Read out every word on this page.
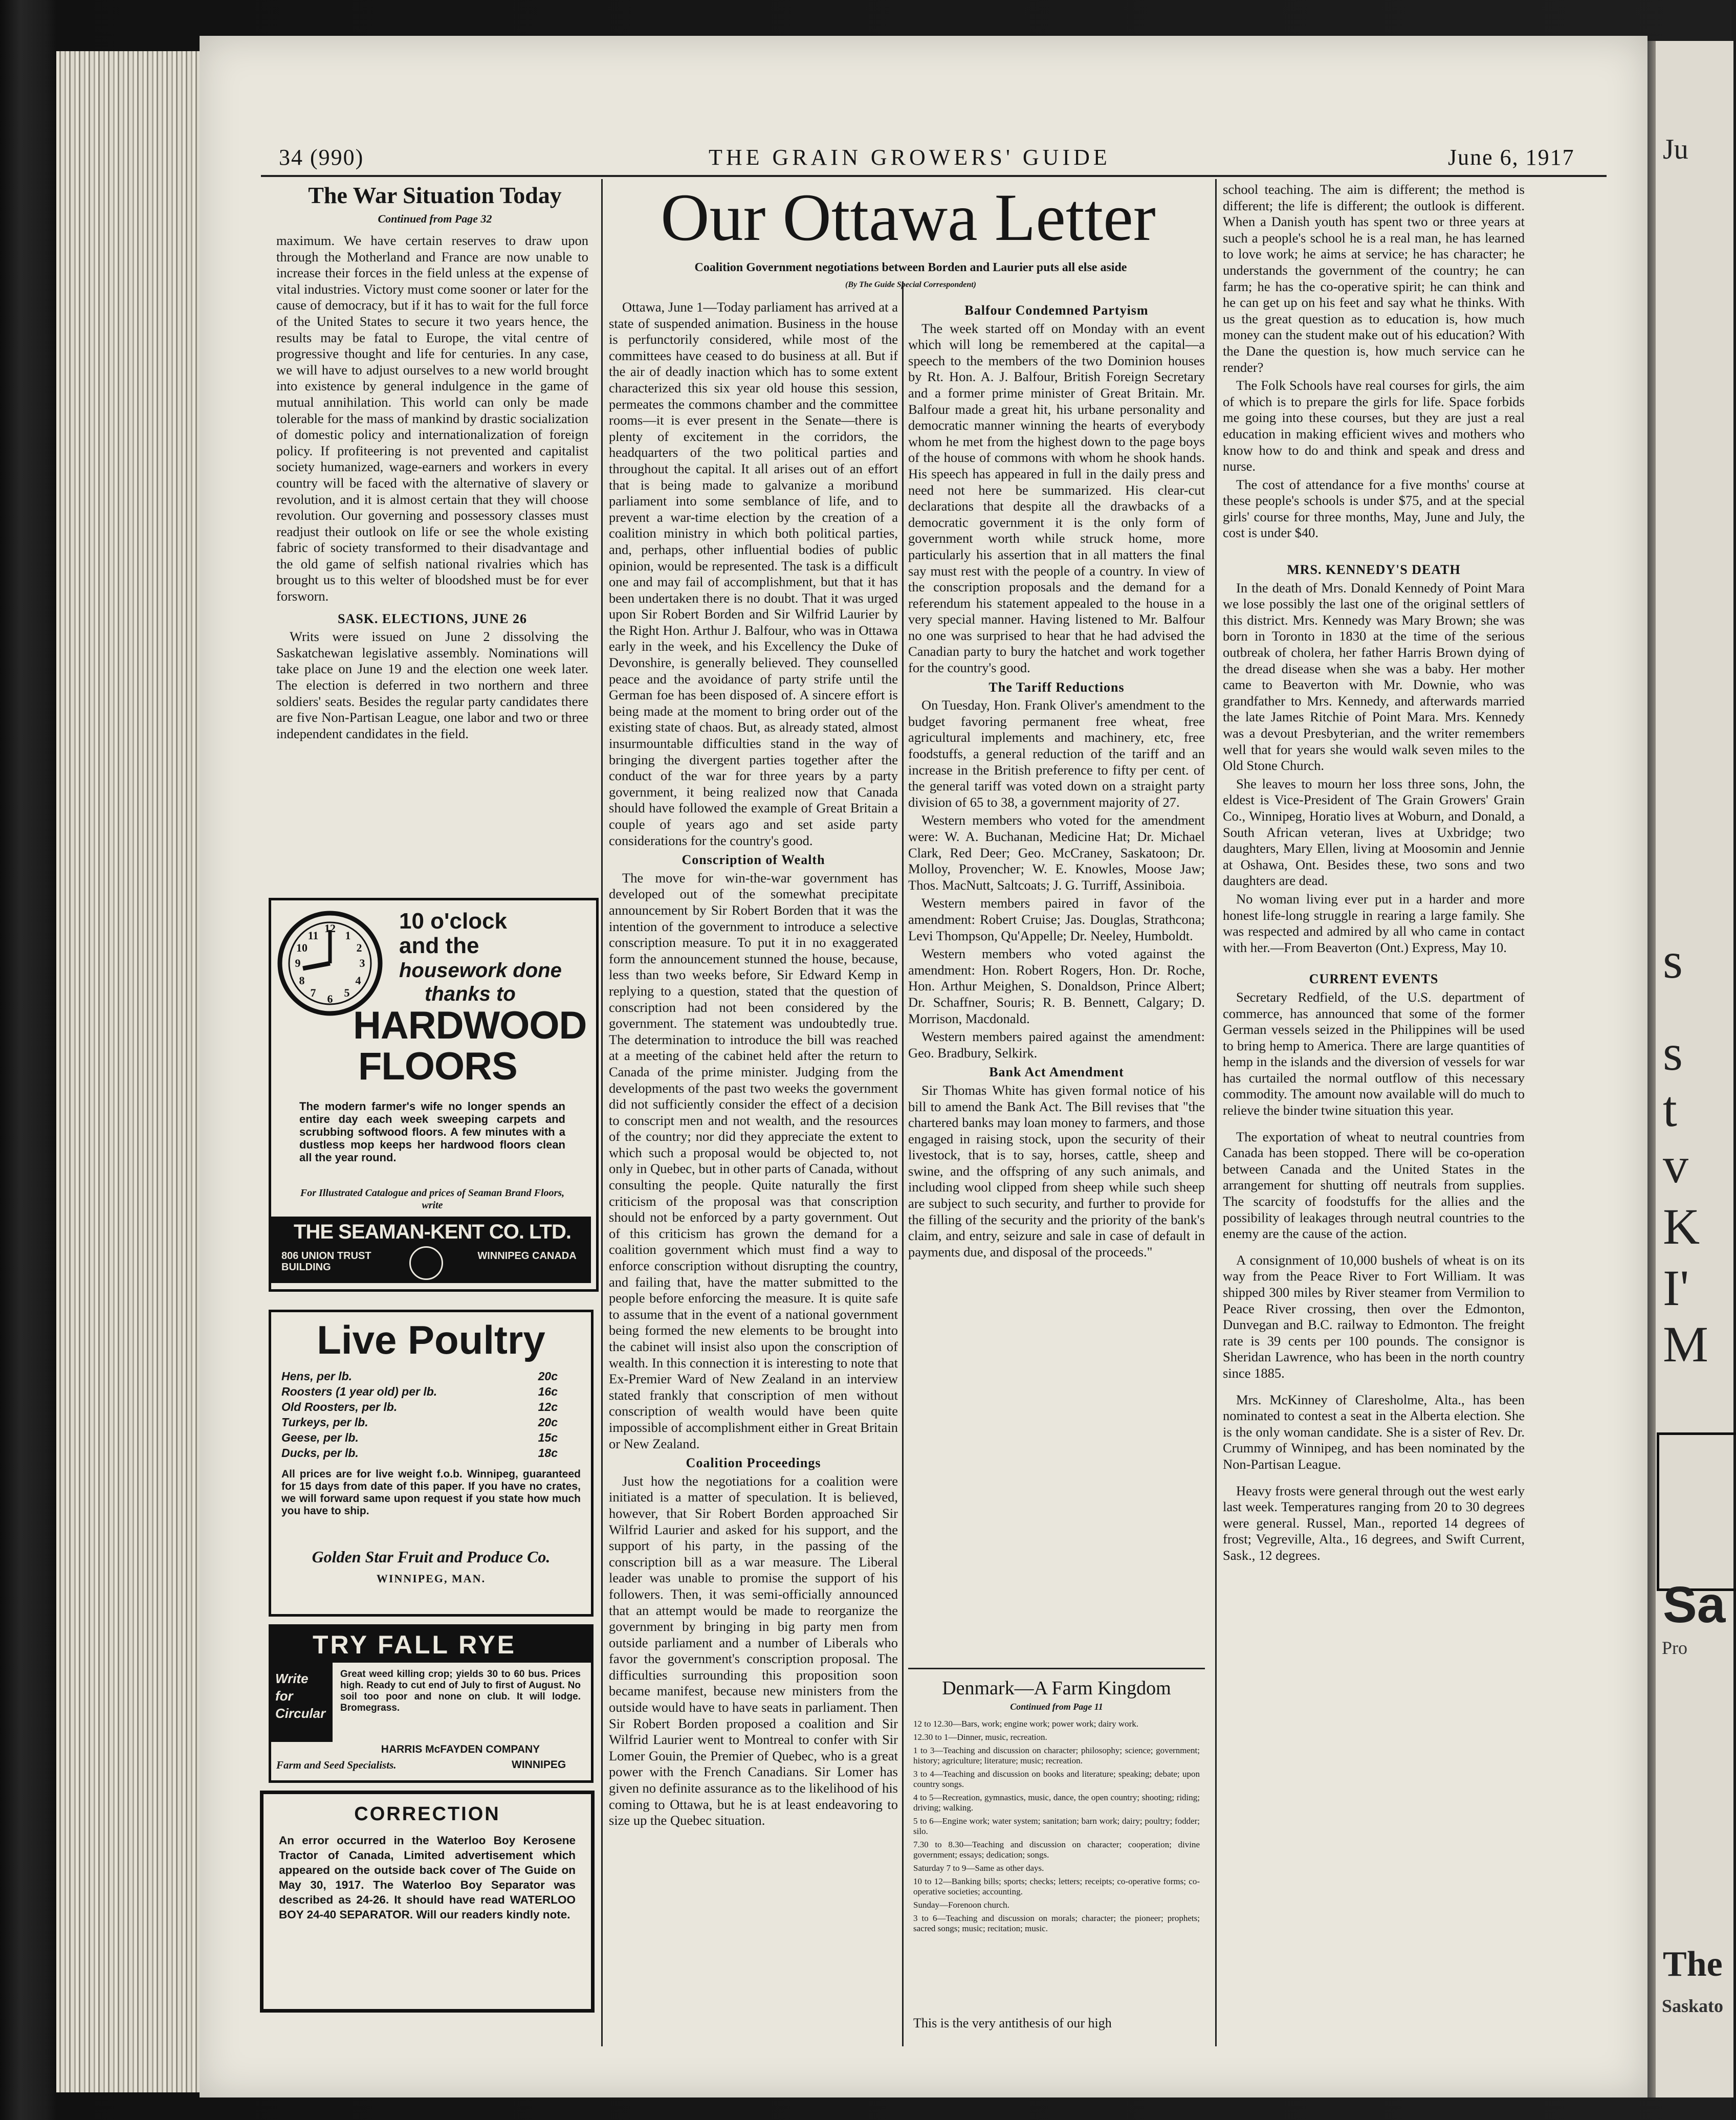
Ju
s
s
t
v
K
I'
M
Sa
Pro
The
Saskato
34 (990)	THE GRAIN GROWERS' GUIDE	June 6, 1917
The War Situation Today
Continued from Page 32

maximum. We have certain reserves to draw upon through the Motherland and France are now unable to increase their forces in the field unless at the expense of vital industries. Victory must come sooner or later for the cause of democracy, but if it has to wait for the full force of the United States to secure it two years hence, the results may be fatal to Europe, the vital centre of progressive thought and life for centuries. In any case, we will have to adjust ourselves to a new world brought into existence by general indulgence in the game of mutual annihilation. This world can only be made tolerable for the mass of mankind by drastic socialization of domestic policy and internationalization of foreign policy. If profiteering is not prevented and capitalist society humanized, wage-earners and workers in every country will be faced with the alternative of slavery or revolution, and it is almost certain that they will choose revolution. Our governing and possessory classes must readjust their outlook on life or see the whole existing fabric of society transformed to their disadvantage and the old game of selfish national rivalries which has brought us to this welter of bloodshed must be for ever forsworn.

SASK. ELECTIONS, JUNE 26

Writs were issued on June 2 dissolving the Saskatchewan legislative assembly. Nominations will take place on June 19 and the election one week later. The election is deferred in two northern and three soldiers' seats. Besides the regular party candidates there are five Non-Partisan League, one labor and two or three independent candidates in the field.

12
3
6
9
1
2
4
5
7
8
10
11
10 o'clock
and the
housework done
thanks to
HARDWOOD
FLOORS
The modern farmer's wife no longer spends an entire day each week sweeping carpets and scrubbing softwood floors. A few minutes with a dustless mop keeps her hardwood floors clean all the year round.
For Illustrated Catalogue and prices of Seaman Brand Floors, write
THE SEAMAN-KENT CO. LTD.
806 UNION TRUST BUILDING
WINNIPEG CANADA
Live Poultry
Hens, per lb.	20c
Roosters (1 year old) per lb.	16c
Old Roosters, per lb.	12c
Turkeys, per lb.	20c
Geese, per lb.	15c
Ducks, per lb.	18c
All prices are for live weight f.o.b. Winnipeg, guaranteed for 15 days from date of this paper. If you have no crates, we will forward same upon request if you state how much you have to ship.
Golden Star Fruit and Produce Co.
WINNIPEG, MAN.
TRY FALL RYE
Write for Circular
Great weed killing crop; yields 30 to 60 bus. Prices high. Ready to cut end of July to first of August. No soil too poor and none on club. It will lodge. Bromegrass.
HARRIS McFAYDEN COMPANY
Farm and Seed Specialists.	WINNIPEG
CORRECTION
An error occurred in the Waterloo Boy Kerosene Tractor of Canada, Limited advertisement which appeared on the outside back cover of The Guide on May 30, 1917. The Waterloo Boy Separator was described as 24-26. It should have read WATERLOO BOY 24-40 SEPARATOR. Will our readers kindly note.
Our Ottawa Letter
Coalition Government negotiations between Borden and Laurier puts all else aside
(By The Guide Special Correspondent)

Ottawa, June 1—Today parliament has arrived at a state of suspended animation. Business in the house is perfunctorily considered, while most of the committees have ceased to do business at all. But if the air of deadly inaction which has to some extent characterized this six year old house this session, permeates the commons chamber and the committee rooms—it is ever present in the Senate—there is plenty of excitement in the corridors, the headquarters of the two political parties and throughout the capital. It all arises out of an effort that is being made to galvanize a moribund parliament into some semblance of life, and to prevent a war-time election by the creation of a coalition ministry in which both political parties, and, perhaps, other influential bodies of public opinion, would be represented. The task is a difficult one and may fail of accomplishment, but that it has been undertaken there is no doubt. That it was urged upon Sir Robert Borden and Sir Wilfrid Laurier by the Right Hon. Arthur J. Balfour, who was in Ottawa early in the week, and his Excellency the Duke of Devonshire, is generally believed. They counselled peace and the avoidance of party strife until the German foe has been disposed of. A sincere effort is being made at the moment to bring order out of the existing state of chaos. But, as already stated, almost insurmountable difficulties stand in the way of bringing the divergent parties together after the conduct of the war for three years by a party government, it being realized now that Canada should have followed the example of Great Britain a couple of years ago and set aside party considerations for the country's good.

Conscription of Wealth

The move for win-the-war government has developed out of the somewhat precipitate announcement by Sir Robert Borden that it was the intention of the government to introduce a selective conscription measure. To put it in no exaggerated form the announcement stunned the house, because, less than two weeks before, Sir Edward Kemp in replying to a question, stated that the question of conscription had not been considered by the government. The statement was undoubtedly true. The determination to introduce the bill was reached at a meeting of the cabinet held after the return to Canada of the prime minister. Judging from the developments of the past two weeks the government did not sufficiently consider the effect of a decision to conscript men and not wealth, and the resources of the country; nor did they appreciate the extent to which such a proposal would be objected to, not only in Quebec, but in other parts of Canada, without consulting the people. Quite naturally the first criticism of the proposal was that conscription should not be enforced by a party government. Out of this criticism has grown the demand for a coalition government which must find a way to enforce conscription without disrupting the country, and failing that, have the matter submitted to the people before enforcing the measure. It is quite safe to assume that in the event of a national government being formed the new elements to be brought into the cabinet will insist also upon the conscription of wealth. In this connection it is interesting to note that Ex-Premier Ward of New Zealand in an interview stated frankly that conscription of men without conscription of wealth would have been quite impossible of accomplishment either in Great Britain or New Zealand.

Coalition Proceedings

Just how the negotiations for a coalition were initiated is a matter of speculation. It is believed, however, that Sir Robert Borden approached Sir Wilfrid Laurier and asked for his support, and the support of his party, in the passing of the conscription bill as a war measure. The Liberal leader was unable to promise the support of his followers. Then, it was semi-officially announced that an attempt would be made to reorganize the government by bringing in big party men from outside parliament and a number of Liberals who favor the government's conscription proposal. The difficulties surrounding this proposition soon became manifest, because new ministers from the outside would have to have seats in parliament. Then Sir Robert Borden proposed a coalition and Sir Wilfrid Laurier went to Montreal to confer with Sir Lomer Gouin, the Premier of Quebec, who is a great power with the French Canadians. Sir Lomer has given no definite assurance as to the likelihood of his coming to Ottawa, but he is at least endeavoring to size up the Quebec situation.

Balfour Condemned Partyism

The week started off on Monday with an event which will long be remembered at the capital—a speech to the members of the two Dominion houses by Rt. Hon. A. J. Balfour, British Foreign Secretary and a former prime minister of Great Britain. Mr. Balfour made a great hit, his urbane personality and democratic manner winning the hearts of everybody whom he met from the highest down to the page boys of the house of commons with whom he shook hands. His speech has appeared in full in the daily press and need not here be summarized. His clear-cut declarations that despite all the drawbacks of a democratic government it is the only form of government worth while struck home, more particularly his assertion that in all matters the final say must rest with the people of a country. In view of the conscription proposals and the demand for a referendum his statement appealed to the house in a very special manner. Having listened to Mr. Balfour no one was surprised to hear that he had advised the Canadian party to bury the hatchet and work together for the country's good.

The Tariff Reductions

On Tuesday, Hon. Frank Oliver's amendment to the budget favoring permanent free wheat, free agricultural implements and machinery, etc, free foodstuffs, a general reduction of the tariff and an increase in the British preference to fifty per cent. of the general tariff was voted down on a straight party division of 65 to 38, a government majority of 27.

Western members who voted for the amendment were: W. A. Buchanan, Medicine Hat; Dr. Michael Clark, Red Deer; Geo. McCraney, Saskatoon; Dr. Molloy, Provencher; W. E. Knowles, Moose Jaw; Thos. MacNutt, Saltcoats; J. G. Turriff, Assiniboia.

Western members paired in favor of the amendment: Robert Cruise; Jas. Douglas, Strathcona; Levi Thompson, Qu'Appelle; Dr. Neeley, Humboldt.

Western members who voted against the amendment: Hon. Robert Rogers, Hon. Dr. Roche, Hon. Arthur Meighen, S. Donaldson, Prince Albert; Dr. Schaffner, Souris; R. B. Bennett, Calgary; D. Morrison, Macdonald.

Western members paired against the amendment: Geo. Bradbury, Selkirk.

Bank Act Amendment

Sir Thomas White has given formal notice of his bill to amend the Bank Act. The Bill revises that "the chartered banks may loan money to farmers, and those engaged in raising stock, upon the security of their livestock, that is to say, horses, cattle, sheep and swine, and the offspring of any such animals, and including wool clipped from sheep while such sheep are subject to such security, and further to provide for the filling of the security and the priority of the bank's claim, and entry, seizure and sale in case of default in payments due, and disposal of the proceeds."

Denmark—A Farm Kingdom
Continued from Page 11
12 to 12.30—Bars, work; engine work; power work; dairy work.
12.30 to 1—Dinner, music, recreation.
1 to 3—Teaching and discussion on character; philosophy; science; government; history; agriculture; literature; music; recreation.
3 to 4—Teaching and discussion on books and literature; speaking; debate; upon country songs.
4 to 5—Recreation, gymnastics, music, dance, the open country; shooting; riding; driving; walking.
5 to 6—Engine work; water system; sanitation; barn work; dairy; poultry; fodder; silo.
7.30 to 8.30—Teaching and discussion on character; cooperation; divine government; essays; dedication; songs.
Saturday 7 to 9—Same as other days.
10 to 12—Banking bills; sports; checks; letters; receipts; co-operative forms; co-operative societies; accounting.
Sunday—Forenoon church.
3 to 6—Teaching and discussion on morals; character; the pioneer; prophets; sacred songs; music; recitation; music.
This is the very antithesis of our high

school teaching. The aim is different; the method is different; the life is different; the outlook is different. When a Danish youth has spent two or three years at such a people's school he is a real man, he has learned to love work; he aims at service; he has character; he understands the government of the country; he can farm; he has the co-operative spirit; he can think and he can get up on his feet and say what he thinks. With us the great question as to education is, how much money can the student make out of his education? With the Dane the question is, how much service can he render?

The Folk Schools have real courses for girls, the aim of which is to prepare the girls for life. Space forbids me going into these courses, but they are just a real education in making efficient wives and mothers who know how to do and think and speak and dress and nurse.

The cost of attendance for a five months' course at these people's schools is under $75, and at the special girls' course for three months, May, June and July, the cost is under $40.

MRS. KENNEDY'S DEATH

In the death of Mrs. Donald Kennedy of Point Mara we lose possibly the last one of the original settlers of this district. Mrs. Kennedy was Mary Brown; she was born in Toronto in 1830 at the time of the serious outbreak of cholera, her father Harris Brown dying of the dread disease when she was a baby. Her mother came to Beaverton with Mr. Downie, who was grandfather to Mrs. Kennedy, and afterwards married the late James Ritchie of Point Mara. Mrs. Kennedy was a devout Presbyterian, and the writer remembers well that for years she would walk seven miles to the Old Stone Church.

She leaves to mourn her loss three sons, John, the eldest is Vice-President of The Grain Growers' Grain Co., Winnipeg, Horatio lives at Woburn, and Donald, a South African veteran, lives at Uxbridge; two daughters, Mary Ellen, living at Moosomin and Jennie at Oshawa, Ont. Besides these, two sons and two daughters are dead.

No woman living ever put in a harder and more honest life-long struggle in rearing a large family. She was respected and admired by all who came in contact with her.—From Beaverton (Ont.) Express, May 10.

CURRENT EVENTS

Secretary Redfield, of the U.S. department of commerce, has announced that some of the former German vessels seized in the Philippines will be used to bring hemp to America. There are large quantities of hemp in the islands and the diversion of vessels for war has curtailed the normal outflow of this necessary commodity. The amount now available will do much to relieve the binder twine situation this year.

The exportation of wheat to neutral countries from Canada has been stopped. There will be co-operation between Canada and the United States in the arrangement for shutting off neutrals from supplies. The scarcity of foodstuffs for the allies and the possibility of leakages through neutral countries to the enemy are the cause of the action.

A consignment of 10,000 bushels of wheat is on its way from the Peace River to Fort William. It was shipped 300 miles by River steamer from Vermilion to Peace River crossing, then over the Edmonton, Dunvegan and B.C. railway to Edmonton. The freight rate is 39 cents per 100 pounds. The consignor is Sheridan Lawrence, who has been in the north country since 1885.

Mrs. McKinney of Claresholme, Alta., has been nominated to contest a seat in the Alberta election. She is the only woman candidate. She is a sister of Rev. Dr. Crummy of Winnipeg, and has been nominated by the Non-Partisan League.

Heavy frosts were general through out the west early last week. Temperatures ranging from 20 to 30 degrees were general. Russel, Man., reported 14 degrees of frost; Vegreville, Alta., 16 degrees, and Swift Current, Sask., 12 degrees.
